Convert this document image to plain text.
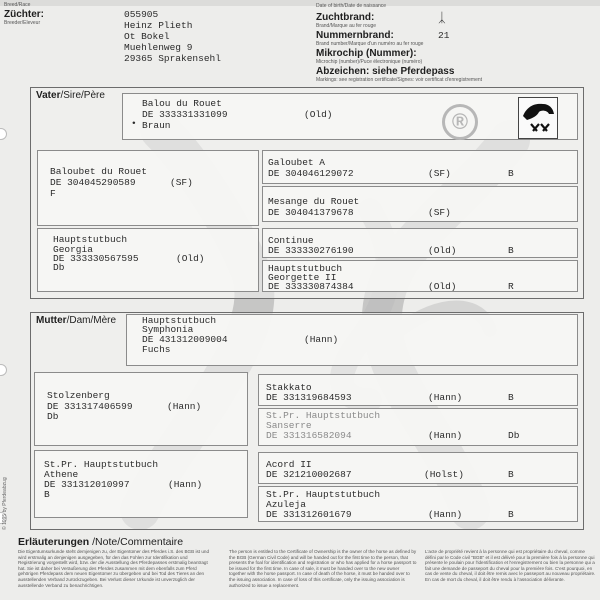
Breed/Race
Züchter:
Breeder/Eleveur
055905
Heinz Plieth
Ot Bokel
Muehlenweg 9
29365 Sprakensehl
Date of birth/Date de naissance
Zuchtbrand:
Brand/Marque au fer rouge
ᛣ
Nummernbrand:
Brand number/Marque d'un numéro au fer rouge
21
Mikrochip (Nummer):
Microchip (number)/Puce électronique (numéro)
Abzeichen: siehe Pferdepass
Markings: see registration certificate/Signes: voir certificat d'enregistrement
Vater/Sire/Père
Balou du Rouet
DE 333331331099	(Old)
Braun
•	®
Baloubet du Rouet
DE 304045290589	(SF)
F
Hauptstutbuch
Georgia
DE 333330567595	(Old)
Db
Galoubet A
DE 304046129072	(SF)	B
Mesange du Rouet
DE 304041379678	(SF)
Continue
DE 333330276190	(Old)	B
Hauptstutbuch
Georgette II
DE 333330874384	(Old)	R
Mutter/Dam/Mère	Hauptstutbuch
Symphonia
DE 431312009004	(Hann)
Fuchs
Stolzenberg
DE 331317406599	(Hann)
Db
St.Pr. Hauptstutbuch
Athene
DE 331312010997	(Hann)
B
Stakkato
DE 331319684593	(Hann)	B
St.Pr. Hauptstutbuch
Sanserre
DE 331316582094	(Hann)	Db
Acord II
DE 321210002687	(Holst)	B
St.Pr. Hauptstutbuch
Azuleja
DE 331312601679	(Hann)	B
© 1995 by Pferdeabzug
Erläuterungen /Note/Commentaire
Die Eigentumsurkunde steht demjenigen zu, der Eigentümer des Pferdes i.S. des BGB ist und wird erstmalig an denjenigen ausgegeben, für den das Fohlen zur Identifikation und Registrierung vorgestellt wird, bzw. der die Ausstellung des Pferdepasses erstmalig beantragt hat. Sie ist daher bei Veräußerung des Pferdes zusammen mit dem ebenfalls zum Pferd gehörigen Pferdepass dem neuen Eigentümer zu übergeben und bei Tod des Tieres an den ausstellenden Verband zurückzugeben. Bei Verlust dieser Urkunde ist unverzüglich der ausstellende Verband zu benachrichtigen.
The person is entitled to the Certificate of Ownership is the owner of the horse as defined by the BGB (German Civil Code) and will be handed out for the first time to the person, that presents the foal for identification and registration or who has applied for a horse passport to be issued for the first time. In case of sale, it must be handed over to the new owner together with the horse passport. In case of death of the horse, it must be handed over to the issuing association. In case of loss of this certificate, only the issuing association is authorized to issue a replacement.
L'acte de propriété revient à la personne qui est propriétaire du cheval, comme défini par le Code civil "BGB" et il est délivré pour la première fois à la personne qui présente le poulain pour l'identification et l'enregistrement ou bien la personne qui a fait une demande de passeport du cheval pour la première fois. C'est pourquoi, en cas de vente du cheval, il doit être remis avec le passeport au nouveau propriétaire. En cas de mort du cheval, il doit être rendu à l'association délivrante.
